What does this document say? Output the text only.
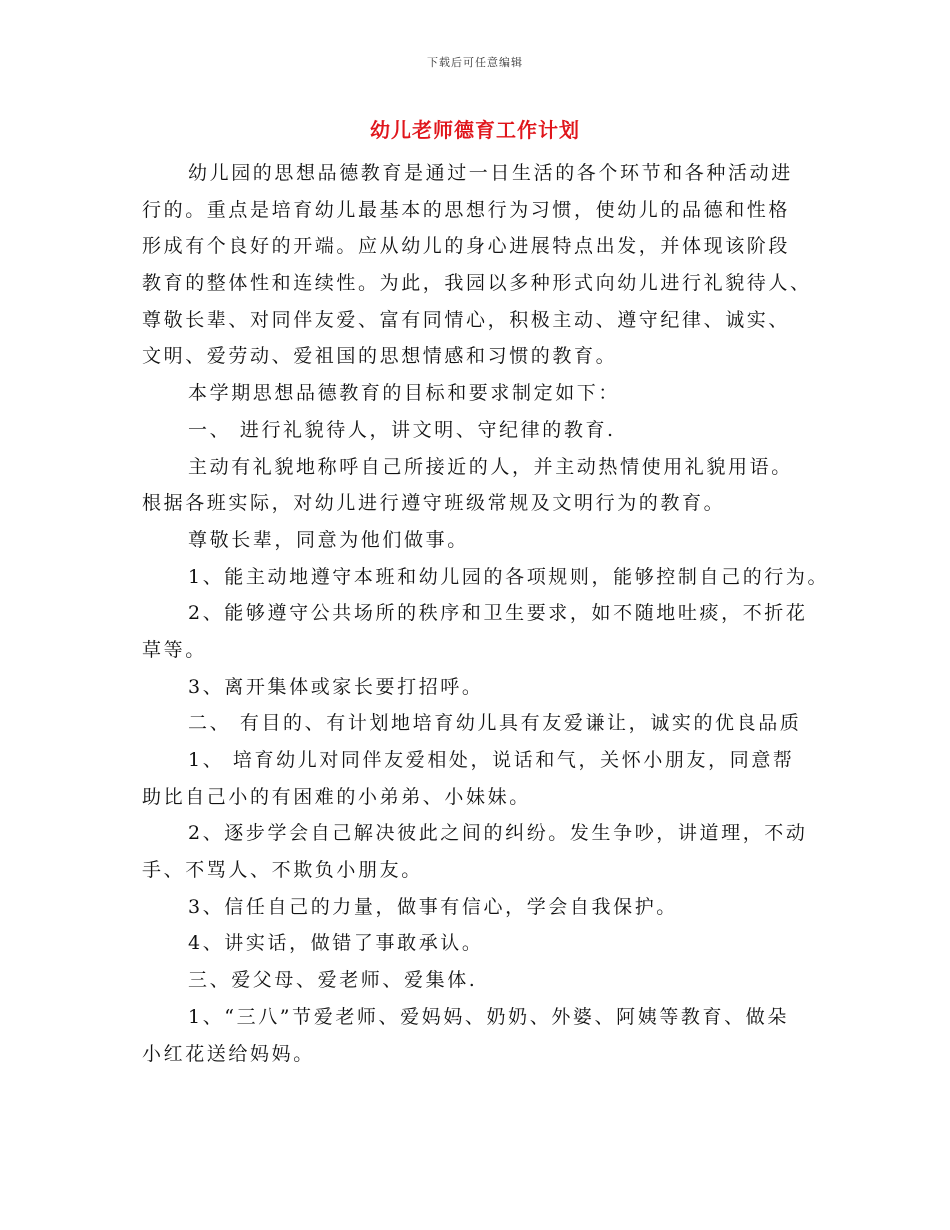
下载后可任意编辑
幼儿老师德育工作计划
幼儿园的思想品德教育是通过一日生活的各个环节和各种活动进
行的。重点是培育幼儿最基本的思想行为习惯，使幼儿的品德和性格
形成有个良好的开端。应从幼儿的身心进展特点出发，并体现该阶段
教育的整体性和连续性。为此，我园以多种形式向幼儿进行礼貌待人、
尊敬长辈、对同伴友爱、富有同情心，积极主动、遵守纪律、诚实、
文明、爱劳动、爱祖国的思想情感和习惯的教育。
本学期思想品德教育的目标和要求制定如下：
一、 进行礼貌待人，讲文明、守纪律的教育.
主动有礼貌地称呼自己所接近的人，并主动热情使用礼貌用语。
根据各班实际，对幼儿进行遵守班级常规及文明行为的教育。
尊敬长辈，同意为他们做事。
1、能主动地遵守本班和幼儿园的各项规则，能够控制自己的行为。
2、能够遵守公共场所的秩序和卫生要求，如不随地吐痰，不折花
草等。
3、离开集体或家长要打招呼。
二、 有目的、有计划地培育幼儿具有友爱谦让，诚实的优良品质
1、 培育幼儿对同伴友爱相处，说话和气，关怀小朋友，同意帮
助比自己小的有困难的小弟弟、小妹妹。
2、逐步学会自己解决彼此之间的纠纷。发生争吵，讲道理，不动
手、不骂人、不欺负小朋友。
3、信任自己的力量，做事有信心，学会自我保护。
4、讲实话，做错了事敢承认。
三、爱父母、爱老师、爱集体.
1、“三八”节爱老师、爱妈妈、奶奶、外婆、阿姨等教育、做朵
小红花送给妈妈。
